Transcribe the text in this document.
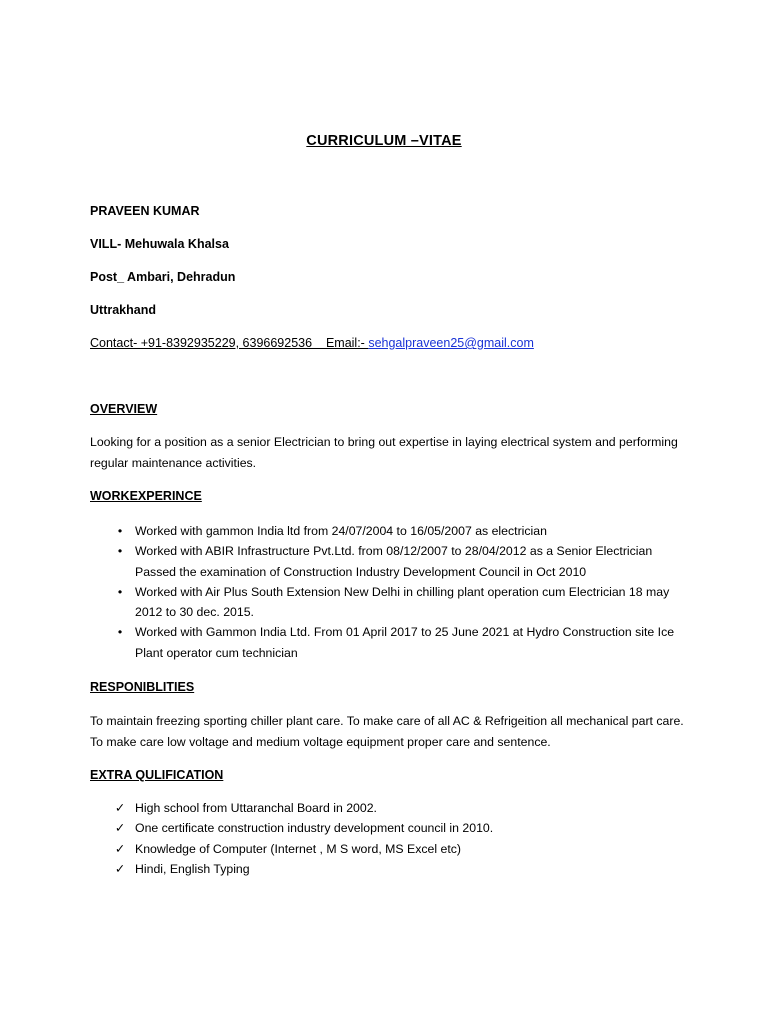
CURRICULUM –VITAE
PRAVEEN KUMAR
VILL- Mehuwala Khalsa
Post_ Ambari, Dehradun
Uttrakhand
Contact- +91-8392935229, 6396692536    Email:- sehgalpraveen25@gmail.com
OVERVIEW
Looking for a position as a senior Electrician to bring out expertise in laying electrical system and performing regular maintenance activities.
WORKEXPERINCE
•	Worked with gammon India ltd from 24/07/2004 to 16/05/2007 as electrician
•	Worked with ABIR Infrastructure Pvt.Ltd. from 08/12/2007 to 28/04/2012 as a Senior Electrician Passed the examination of Construction Industry Development Council in Oct 2010
•	Worked with Air Plus South Extension New Delhi in chilling plant operation cum Electrician 18 may 2012 to 30 dec. 2015.
•	Worked with Gammon India Ltd. From 01 April 2017 to 25 June 2021 at Hydro Construction site Ice Plant operator cum technician
RESPONIBLITIES
To maintain freezing sporting chiller plant care. To make care of all AC & Refrigeition all mechanical part care. To make care low voltage and medium voltage equipment proper care and sentence.
EXTRA QULIFICATION
✓ High school from Uttaranchal Board in 2002.
✓ One certificate construction industry development council in 2010.
✓ Knowledge of Computer (Internet , M S word, MS Excel etc)
✓ Hindi, English Typing
